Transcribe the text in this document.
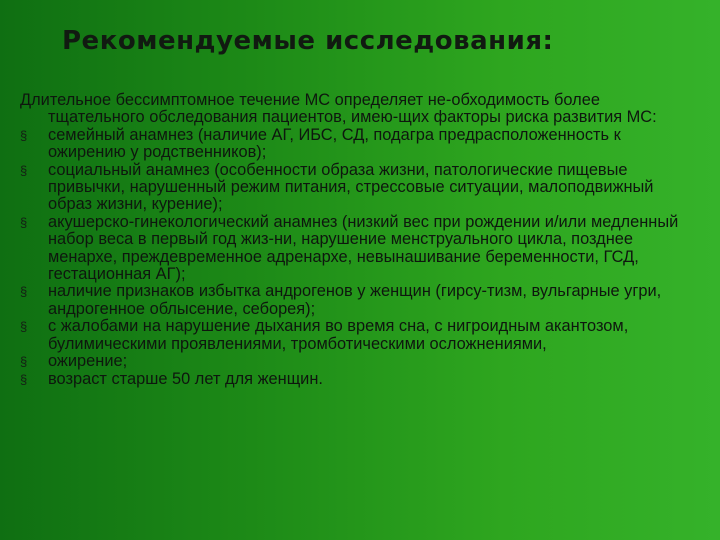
Рекомендуемые исследования:

Длительное бессимптомное течение МС определяет не-обходимость более тщательного обследования пациентов, имею-щих факторы риска развития МС:

§ семейный анамнез (наличие АГ, ИБС, СД, подагра предрасположенность к ожирению у родственников);
§ социальный анамнез (особенности образа жизни, патологические пищевые привычки, нарушенный режим питания, стрессовые ситуации, малоподвижный образ жизни, курение);
§ акушерско-гинекологический анамнез (низкий вес при рождении и/или медленный набор веса в первый год жиз-ни, нарушение менструального цикла, позднее менархе, преждевременное адренархе, невынашивание беременности, ГСД, гестационная АГ);
§ наличие признаков избытка андрогенов у женщин (гирсу-тизм, вульгарные угри, андрогенное облысение, себорея);
§ с жалобами на нарушение дыхания во время сна, с нигроидным акантозом, булимическими проявлениями, тромботическими осложнениями,
§ ожирение;
§ возраст старше 50 лет для женщин.
